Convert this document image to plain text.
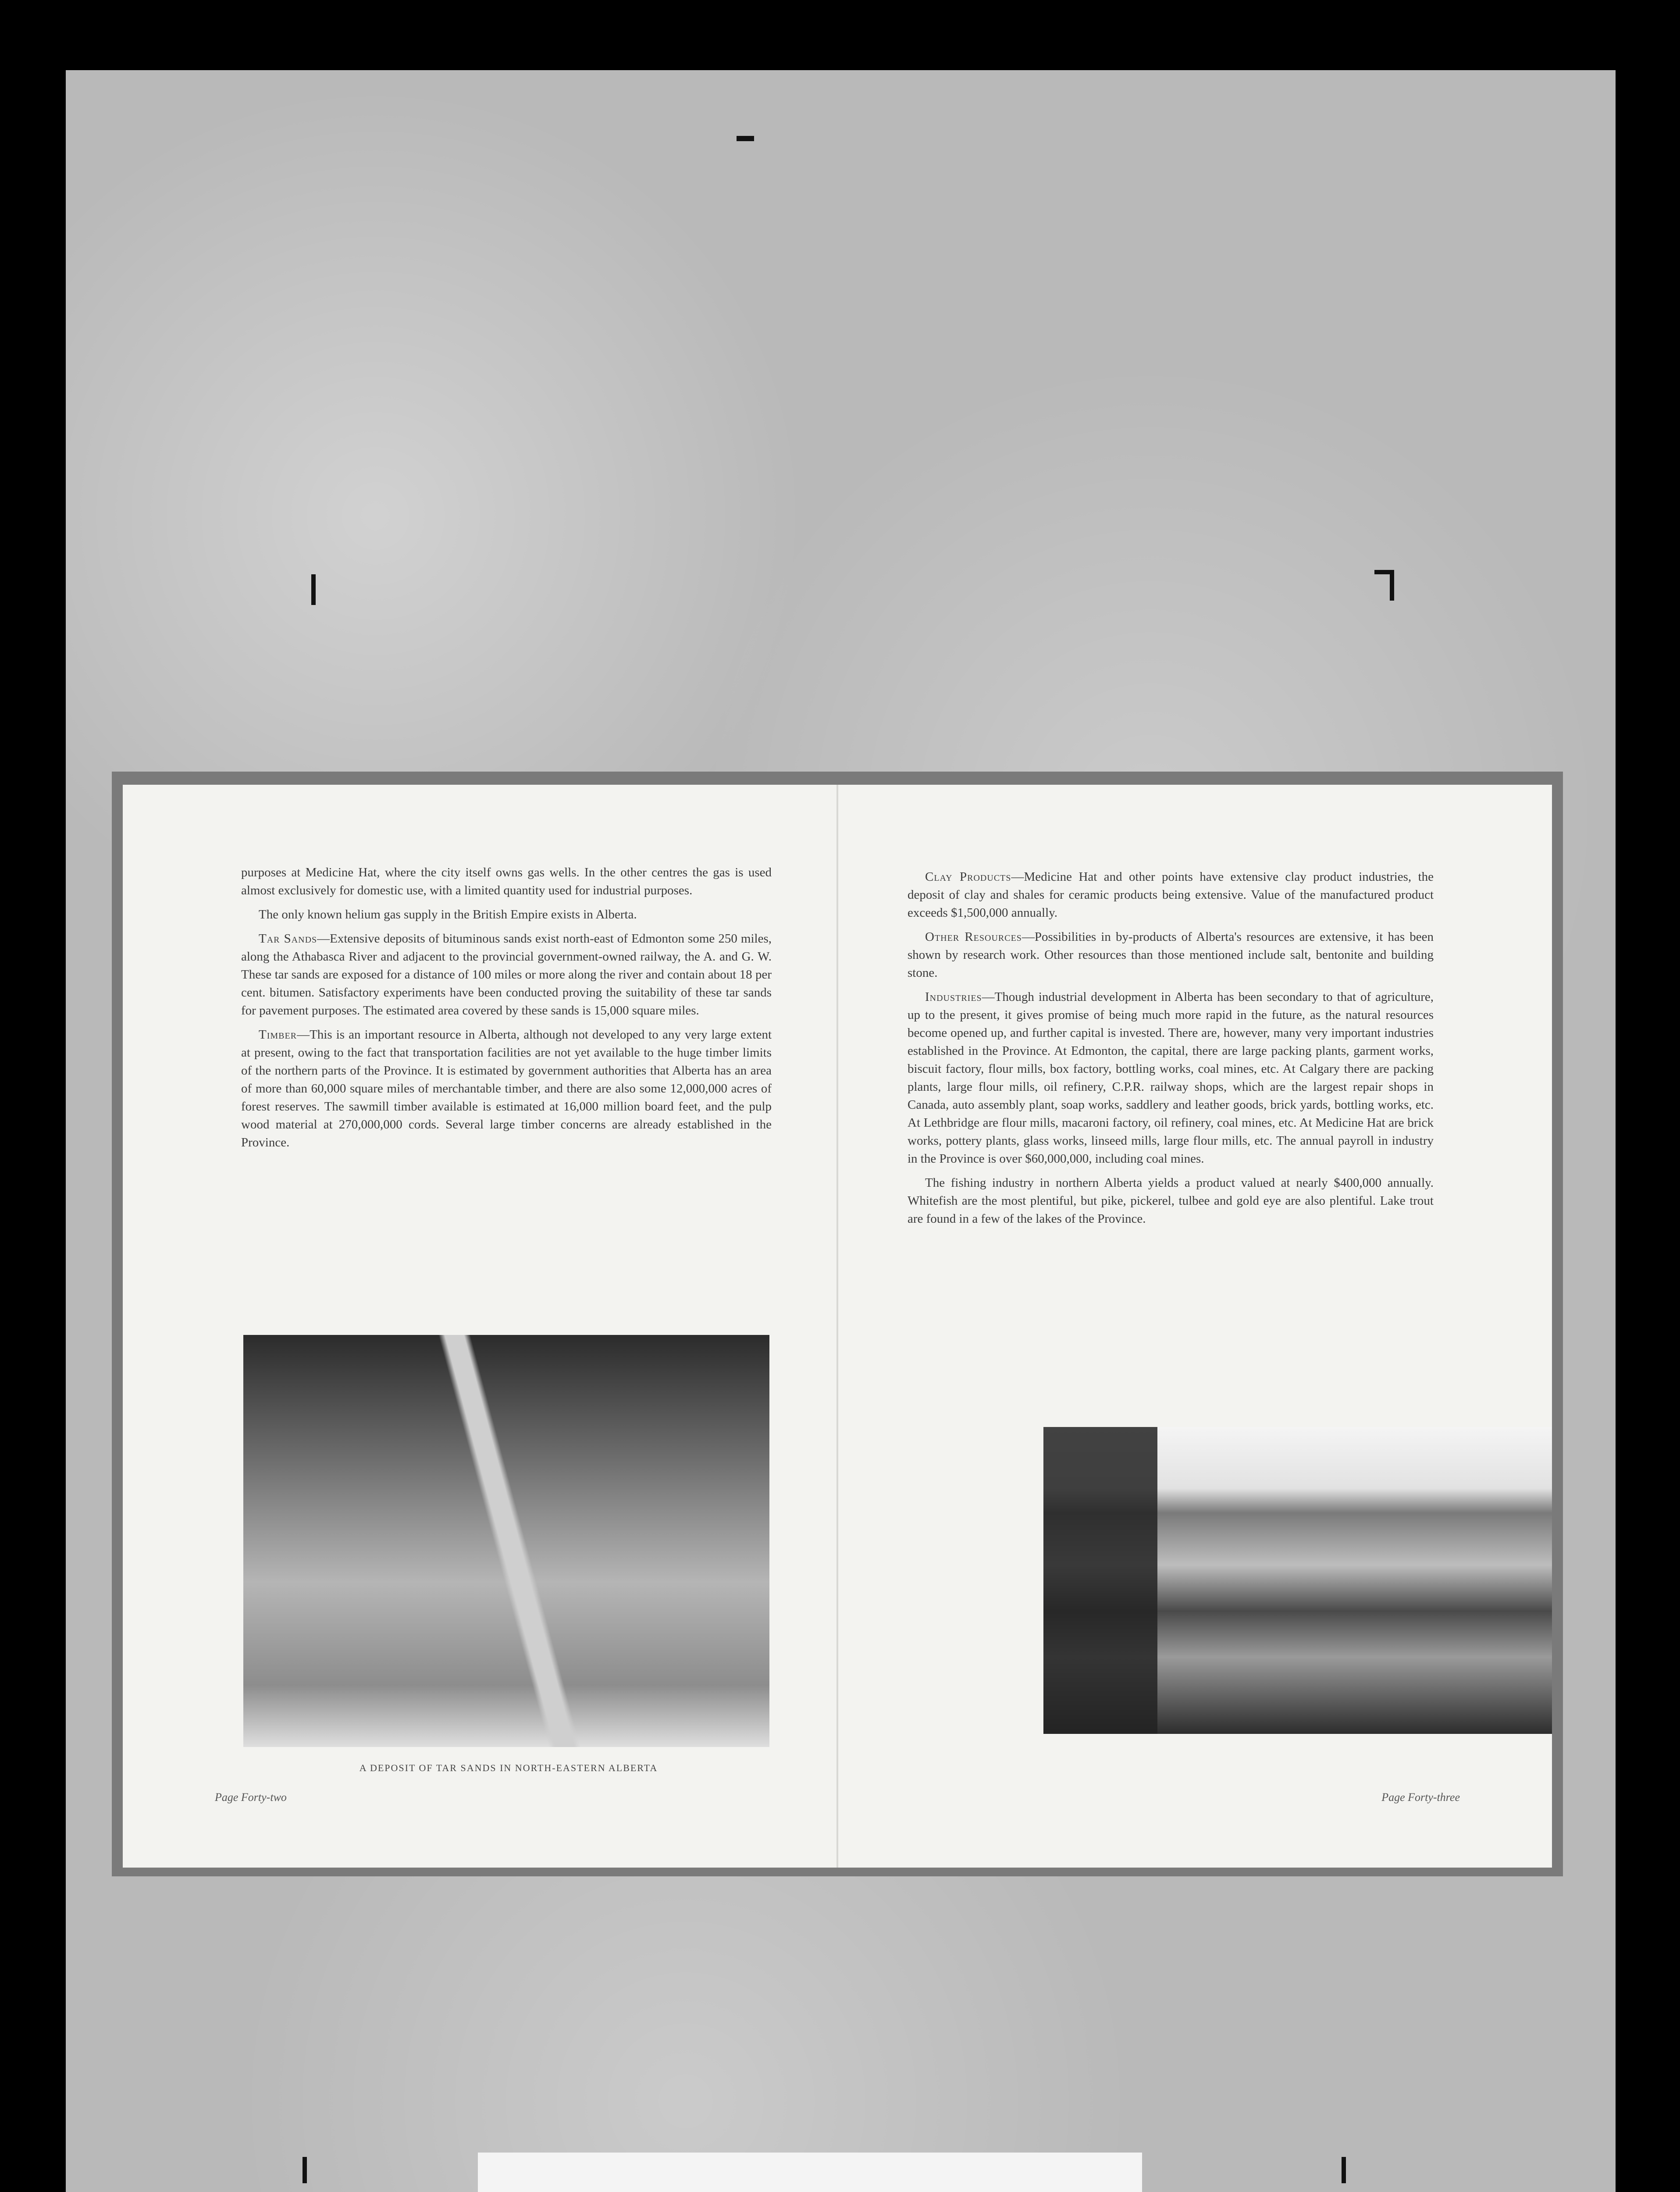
purposes at Medicine Hat, where the city itself owns gas wells. In the other centres the gas is used almost exclusively for domestic use, with a limited quantity used for industrial purposes.

The only known helium gas supply in the British Empire exists in Alberta.

Tar Sands—Extensive deposits of bituminous sands exist north-east of Edmonton some 250 miles, along the Athabasca River and adjacent to the provincial government-owned railway, the A. and G. W. These tar sands are exposed for a distance of 100 miles or more along the river and contain about 18 per cent. bitumen. Satisfactory experiments have been conducted proving the suitability of these tar sands for pavement purposes. The estimated area covered by these sands is 15,000 square miles.

Timber—This is an important resource in Alberta, although not developed to any very large extent at present, owing to the fact that transportation facilities are not yet available to the huge timber limits of the northern parts of the Province. It is estimated by government authorities that Alberta has an area of more than 60,000 square miles of merchantable timber, and there are also some 12,000,000 acres of forest reserves. The sawmill timber available is estimated at 16,000 million board feet, and the pulp wood material at 270,000,000 cords. Several large timber concerns are already established in the Province.

A DEPOSIT OF TAR SANDS IN NORTH-EASTERN ALBERTA
Page Forty-two

Clay Products—Medicine Hat and other points have extensive clay product industries, the deposit of clay and shales for ceramic products being extensive. Value of the manufactured product exceeds $1,500,000 annually.

Other Resources—Possibilities in by-products of Alberta's resources are extensive, it has been shown by research work. Other resources than those mentioned include salt, bentonite and building stone.

Industries—Though industrial development in Alberta has been secondary to that of agriculture, up to the present, it gives promise of being much more rapid in the future, as the natural resources become opened up, and further capital is invested. There are, however, many very important industries established in the Province. At Edmonton, the capital, there are large packing plants, garment works, biscuit factory, flour mills, box factory, bottling works, coal mines, etc. At Calgary there are packing plants, large flour mills, oil refinery, C.P.R. railway shops, which are the largest repair shops in Canada, auto assembly plant, soap works, saddlery and leather goods, brick yards, bottling works, etc. At Lethbridge are flour mills, macaroni factory, oil refinery, coal mines, etc. At Medicine Hat are brick works, pottery plants, glass works, linseed mills, large flour mills, etc. The annual payroll in industry in the Province is over $60,000,000, including coal mines.

The fishing industry in northern Alberta yields a product valued at nearly $400,000 annually. Whitefish are the most plentiful, but pike, pickerel, tulbee and gold eye are also plentiful. Lake trout are found in a few of the lakes of the Province.

Page Forty-three
